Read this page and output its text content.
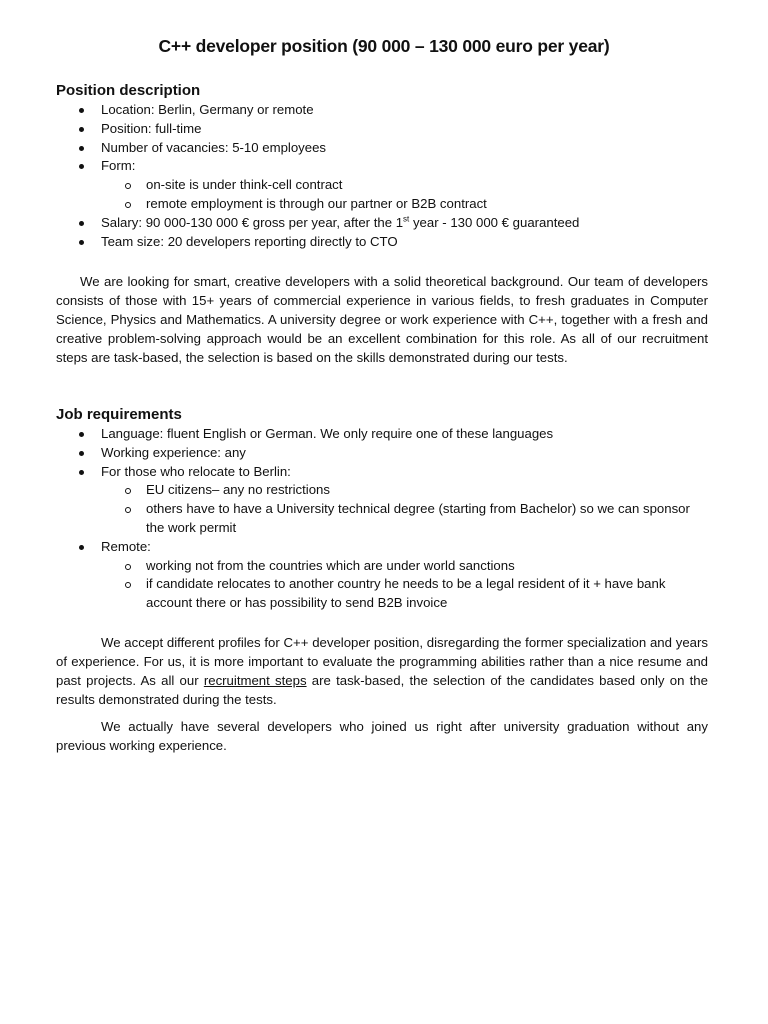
C++ developer position (90 000 – 130 000 euro per year)
Position description
Location: Berlin, Germany or remote
Position: full-time
Number of vacancies: 5-10 employees
Form:
on-site is under think-cell contract
remote employment is through our partner or B2B contract
Salary: 90 000-130 000 € gross per year, after the 1st year - 130 000 € guaranteed
Team size: 20 developers reporting directly to CTO

We are looking for smart, creative developers with a solid theoretical background. Our team of developers consists of those with 15+ years of commercial experience in various fields, to fresh graduates in Computer Science, Physics and Mathematics. A university degree or work experience with C++, together with a fresh and creative problem-solving approach would be an excellent combination for this role. As all of our recruitment steps are task-based, the selection is based on the skills demonstrated during our tests.

Job requirements
Language: fluent English or German. We only require one of these languages
Working experience: any
For those who relocate to Berlin:
EU citizens– any no restrictions
others have to have a University technical degree (starting from Bachelor) so we can sponsor the work permit
Remote:
working not from the countries which are under world sanctions
if candidate relocates to another country he needs to be a legal resident of it + have bank account there or has possibility to send B2B invoice

We accept different profiles for C++ developer position, disregarding the former specialization and years of experience. For us, it is more important to evaluate the programming abilities rather than a nice resume and past projects. As all our recruitment steps are task-based, the selection of the candidates based only on the results demonstrated during the tests.

We actually have several developers who joined us right after university graduation without any previous working experience.
